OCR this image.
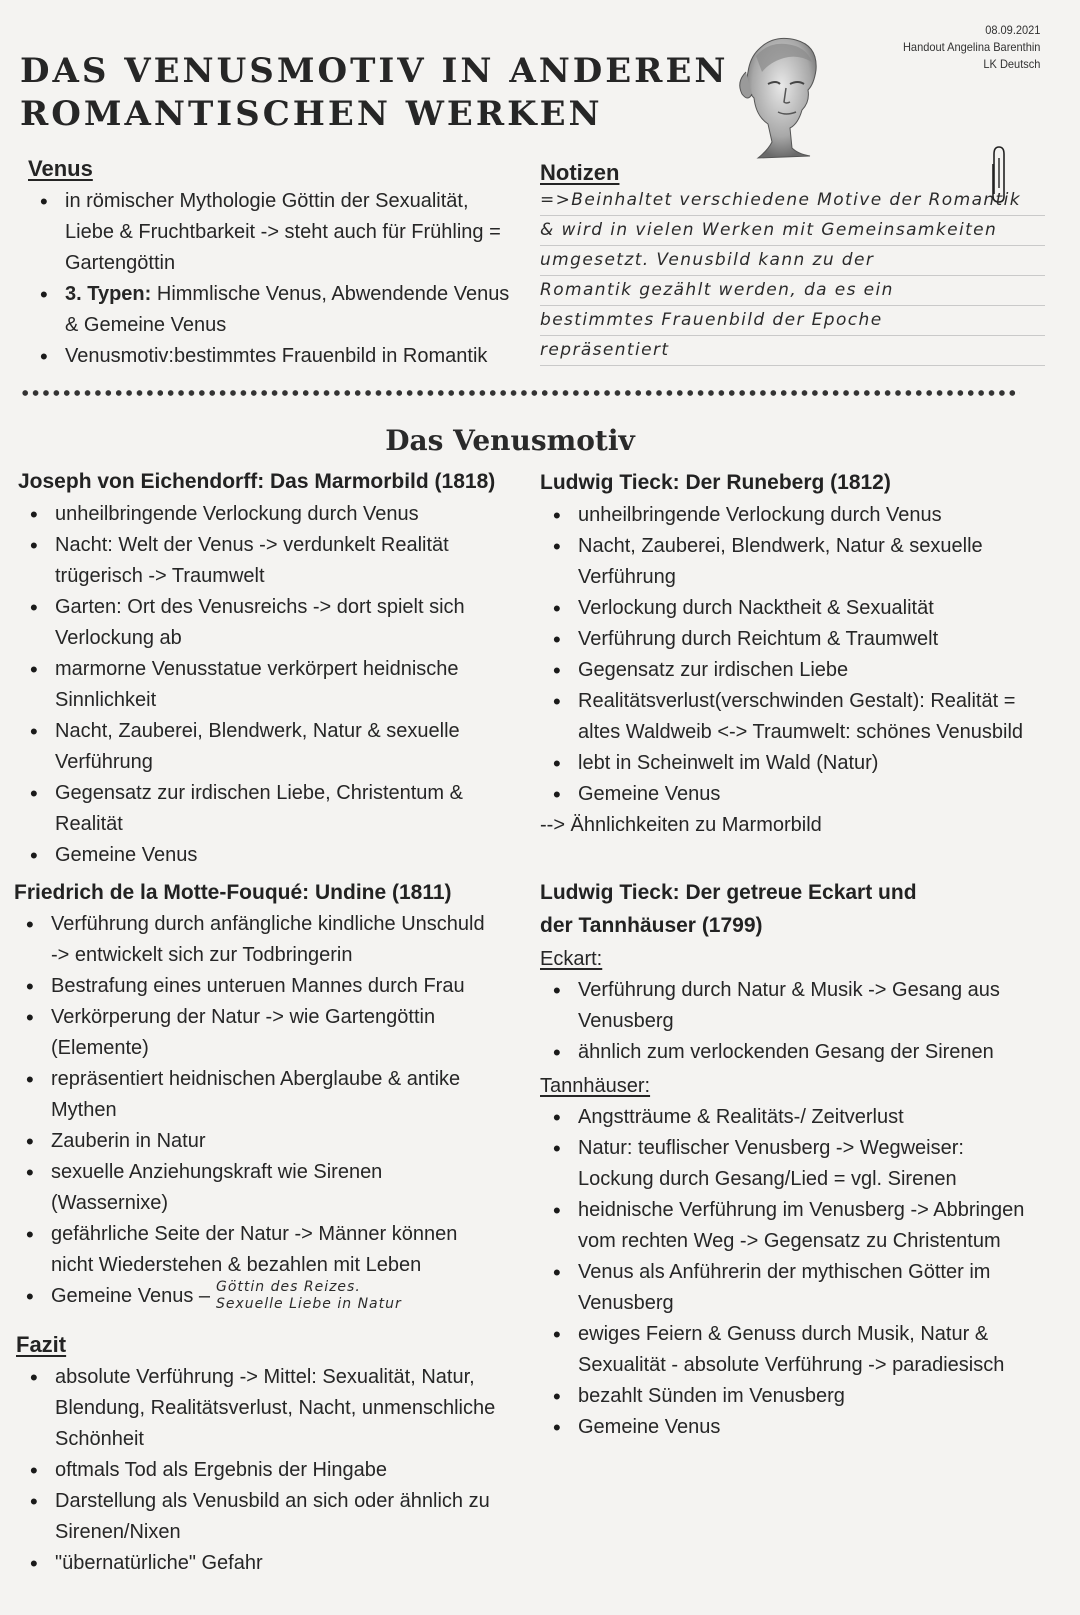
DAS VENUSMOTIV IN ANDEREN
ROMANTISCHEN WERKEN
08.09.2021
Handout Angelina Barenthin
LK Deutsch
Venus
• in römischer Mythologie Göttin der Sexualität, Liebe & Fruchtbarkeit -> steht auch für Frühling = Gartengöttin
• 3. Typen: Himmlische Venus, Abwendende Venus & Gemeine Venus
• Venusmotiv:bestimmtes Frauenbild in Romantik
Notizen
=>Beinhaltet verschiedene Motive der Romantik
& wird in vielen Werken mit Gemeinsamkeiten
umgesetzt. Venusbild kann zu der
Romantik gezählt werden, da es ein
bestimmtes Frauenbild der Epoche
repräsentiert
Das Venusmotiv
Joseph von Eichendorff: Das Marmorbild (1818)
• unheilbringende Verlockung durch Venus
• Nacht: Welt der Venus -> verdunkelt Realität trügerisch -> Traumwelt
• Garten: Ort des Venusreichs -> dort spielt sich Verlockung ab
• marmorne Venusstatue verkörpert heidnische Sinnlichkeit
• Nacht, Zauberei, Blendwerk, Natur & sexuelle Verführung
• Gegensatz zur irdischen Liebe, Christentum & Realität
• Gemeine Venus
Friedrich de la Motte-Fouqué: Undine (1811)
• Verführung durch anfängliche kindliche Unschuld -> entwickelt sich zur Todbringerin
• Bestrafung eines unteruen Mannes durch Frau
• Verkörperung der Natur -> wie Gartengöttin (Elemente)
• repräsentiert heidnischen Aberglaube & antike Mythen
• Zauberin in Natur
• sexuelle Anziehungskraft wie Sirenen (Wassernixe)
• gefährliche Seite der Natur -> Männer können nicht Wiederstehen & bezahlen mit Leben
• Gemeine Venus – Göttin des Reizes.
Sexuelle Liebe in Natur
Fazit
• absolute Verführung -> Mittel: Sexualität, Natur, Blendung, Realitätsverlust, Nacht, unmenschliche Schönheit
• oftmals Tod als Ergebnis der Hingabe
• Darstellung als Venusbild an sich oder ähnlich zu Sirenen/Nixen
• "übernatürliche" Gefahr
Ludwig Tieck: Der Runeberg (1812)
• unheilbringende Verlockung durch Venus
• Nacht, Zauberei, Blendwerk, Natur & sexuelle Verführung
• Verlockung durch Nacktheit & Sexualität
• Verführung durch Reichtum & Traumwelt
• Gegensatz zur irdischen Liebe
• Realitätsverlust(verschwinden Gestalt): Realität = altes Waldweib <-> Traumwelt: schönes Venusbild
• lebt in Scheinwelt im Wald (Natur)
• Gemeine Venus
--> Ähnlichkeiten zu Marmorbild
Ludwig Tieck: Der getreue Eckart und
der Tannhäuser (1799)
Eckart:
• Verführung durch Natur & Musik -> Gesang aus Venusberg
• ähnlich zum verlockenden Gesang der Sirenen
Tannhäuser:
• Angstträume & Realitäts-/ Zeitverlust
• Natur: teuflischer Venusberg -> Wegweiser: Lockung durch Gesang/Lied = vgl. Sirenen
• heidnische Verführung im Venusberg -> Abbringen vom rechten Weg -> Gegensatz zu Christentum
• Venus als Anführerin der mythischen Götter im Venusberg
• ewiges Feiern & Genuss durch Musik, Natur & Sexualität - absolute Verführung -> paradiesisch
• bezahlt Sünden im Venusberg
• Gemeine Venus
